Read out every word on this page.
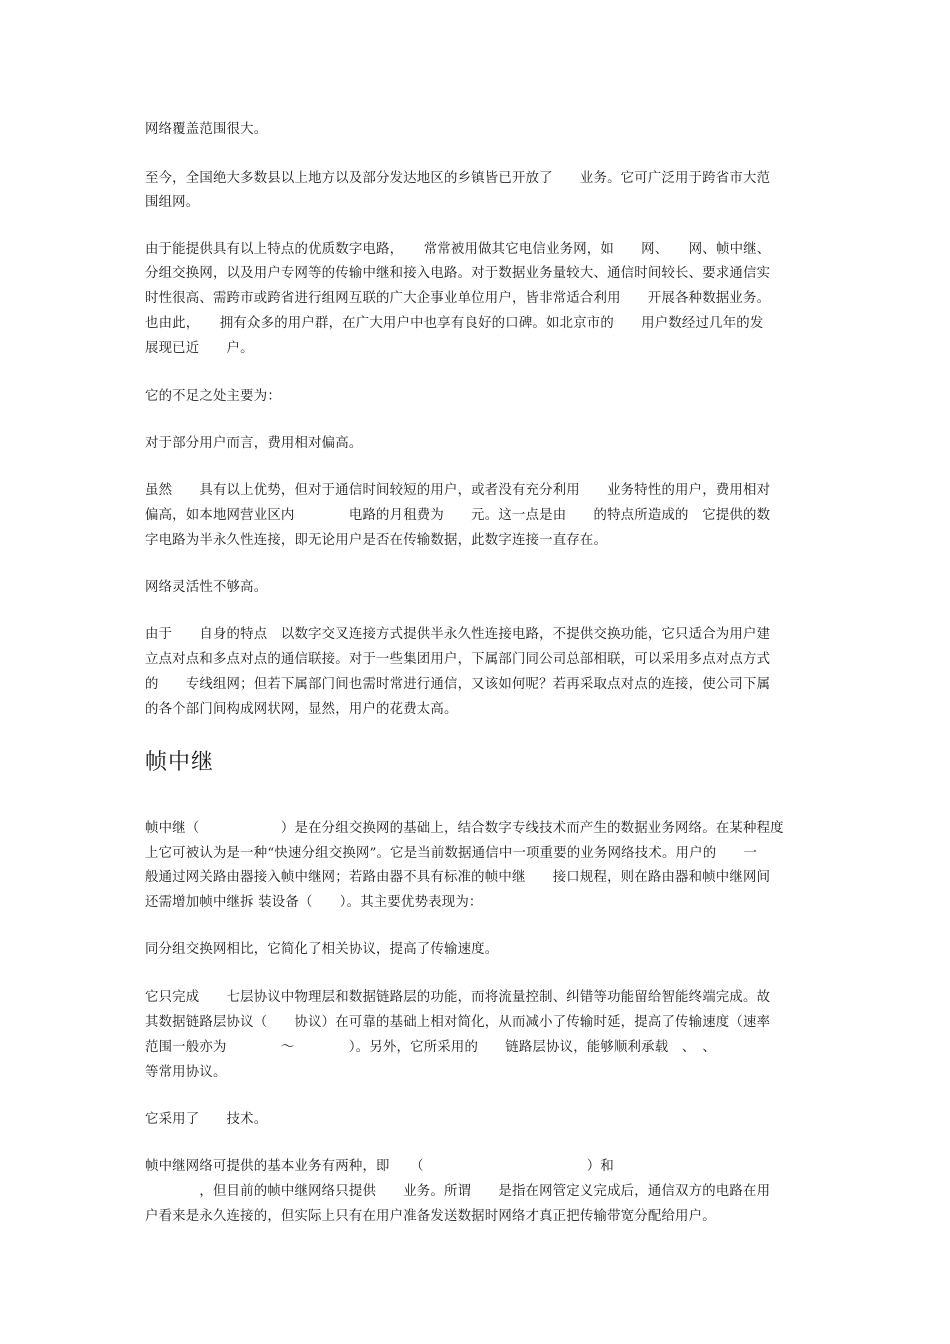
网络覆盖范围很大。
至今，全国绝大多数县以上地方以及部分发达地区的乡镇皆已开放了　　业务。它可广泛用于跨省市大范
围组网。
由于能提供具有以上特点的优质数字电路，　　常常被用做其它电信业务网，如　　网、　　网、帧中继、
分组交换网，以及用户专网等的传输中继和接入电路。对于数据业务量较大、通信时间较长、要求通信实
时性很高、需跨市或跨省进行组网互联的广大企事业单位用户，皆非常适合利用　　开展各种数据业务。
也由此，　　拥有众多的用户群，在广大用户中也享有良好的口碑。如北京市的　　用户数经过几年的发
展现已近　　户。
它的不足之处主要为：
对于部分用户而言，费用相对偏高。
虽然　　具有以上优势，但对于通信时间较短的用户，或者没有充分利用　　业务特性的用户，费用相对
偏高，如本地网营业区内　　　　电路的月租费为　　元。这一点是由　　的特点所造成的　它提供的数
字电路为半永久性连接，即无论用户是否在传输数据，此数字连接一直存在。
网络灵活性不够高。
由于　　自身的特点　以数字交叉连接方式提供半永久性连接电路，不提供交换功能，它只适合为用户建
立点对点和多点对点的通信联接。对于一些集团用户，下属部门同公司总部相联，可以采用多点对点方式
的　　专线组网；但若下属部门间也需时常进行通信，又该如何呢？若再采取点对点的连接，使公司下属
的各个部门间构成网状网，显然，用户的花费太高。
帧中继
帧中继（　　　　　　）是在分组交换网的基础上，结合数字专线技术而产生的数据业务网络。在某种程度
上它可被认为是一种“快速分组交换网”。它是当前数据通信中一项重要的业务网络技术。用户的　　一
般通过网关路由器接入帧中继网；若路由器不具有标准的帧中继　　接口规程，则在路由器和帧中继网间
还需增加帧中继拆 装设备（　　）。其主要优势表现为：
同分组交换网相比，它简化了相关协议，提高了传输速度。
它只完成　　七层协议中物理层和数据链路层的功能，而将流量控制、纠错等功能留给智能终端完成。故
其数据链路层协议（　　协议）在可靠的基础上相对简化，从而减小了传输时延，提高了传输速度（速率
范围一般亦为　　　　～　　　　）。另外，它所采用的　　链路层协议，能够顺利承载　、　、
等常用协议。
它采用了　　技术。
帧中继网络可提供的基本业务有两种，即　　（　　　　　　　　　　　　）和
　　　　，但目前的帧中继网络只提供　　业务。所谓　　是指在网管定义完成后，通信双方的电路在用
户看来是永久连接的，但实际上只有在用户准备发送数据时网络才真正把传输带宽分配给用户。
